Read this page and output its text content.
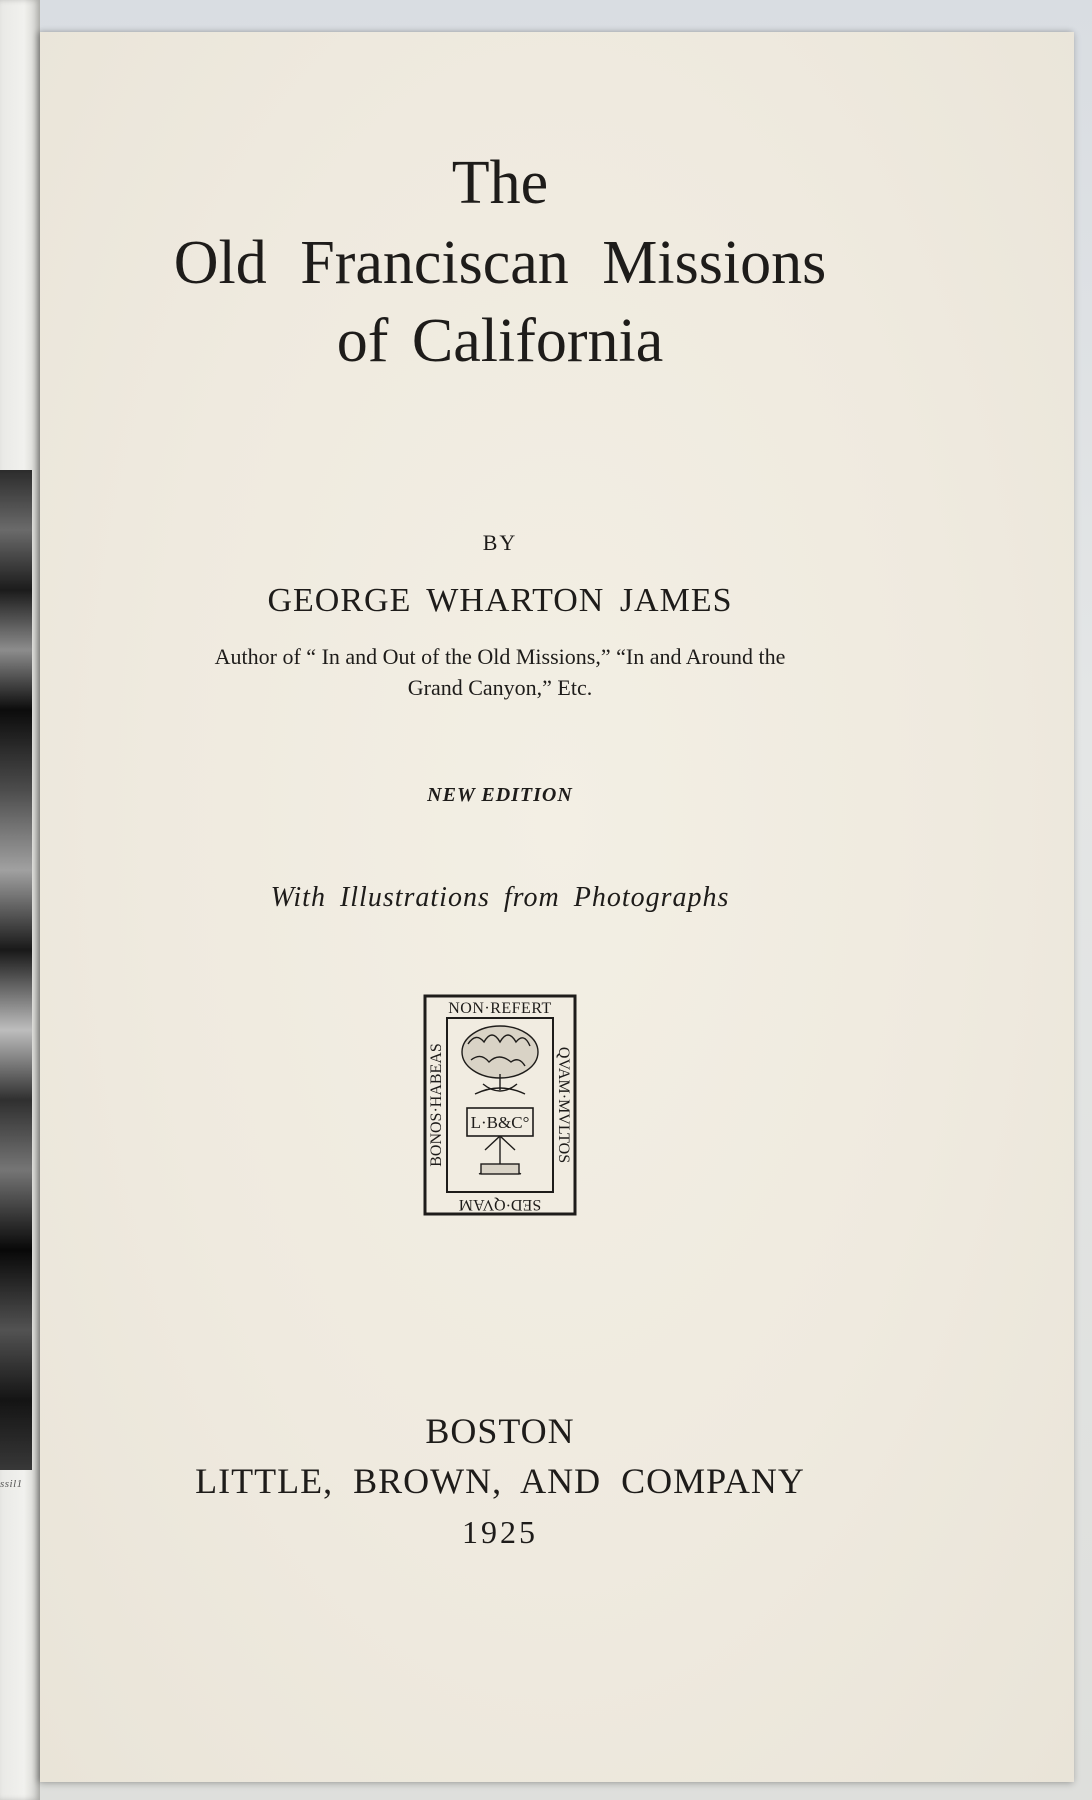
ssil1
The
Old Franciscan Missions
of California
BY
GEORGE WHARTON JAMES
Author of “ In and Out of the Old Missions,” “In and Around the
Grand Canyon,” Etc.
NEW EDITION
With Illustrations from Photographs
NON·REFERT
QVAM·MVLTOS
SED·QVAM
BONOS·HABEAS L·B&C°
BOSTON
LITTLE, BROWN, AND COMPANY
1925
